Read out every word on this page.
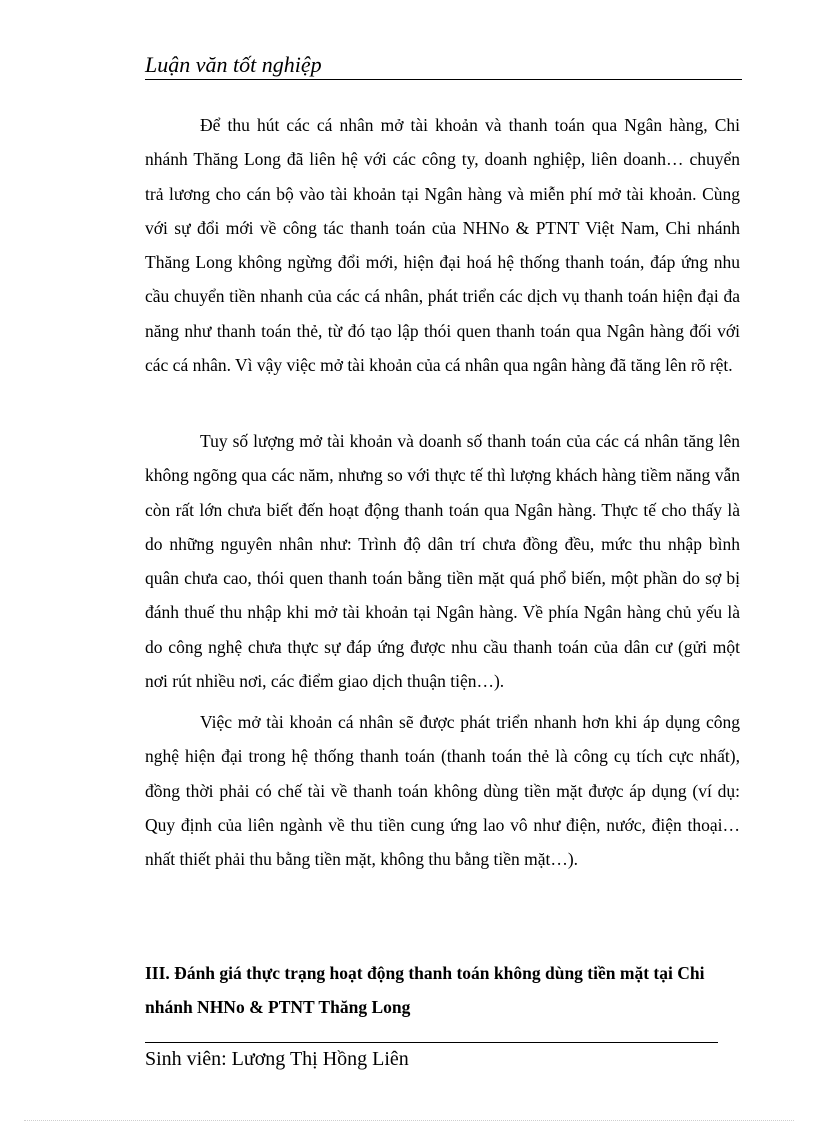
Luận văn tốt nghiệp

Để thu hút các cá nhân mở tài khoản và thanh toán qua Ngân hàng, Chi nhánh Thăng Long đã liên hệ với các công ty, doanh nghiệp, liên doanh… chuyển trả lương cho cán bộ vào tài khoản tại Ngân hàng và miễn phí mở tài khoản. Cùng với sự đổi mới về công tác thanh toán của NHNo & PTNT Việt Nam, Chi nhánh Thăng Long không ngừng đổi mới, hiện đại hoá hệ thống thanh toán, đáp ứng nhu cầu chuyển tiền nhanh của các cá nhân, phát triển các dịch vụ thanh toán hiện đại đa năng như thanh toán thẻ, từ đó tạo lập thói quen thanh toán qua Ngân hàng đối với các cá nhân. Vì vậy việc mở tài khoản của cá nhân qua ngân hàng đã tăng lên rõ rệt.

Tuy số lượng mở tài khoản và doanh số thanh toán của các cá nhân tăng lên không ngõng qua các năm, nhưng so với thực tế thì lượng khách hàng tiềm năng vẫn còn rất lớn chưa biết đến hoạt động thanh toán qua Ngân hàng. Thực tế cho thấy là do những nguyên nhân như: Trình độ dân trí chưa đồng đều, mức thu nhập bình quân chưa cao, thói quen thanh toán bằng tiền mặt quá phổ biến, một phần do sợ bị đánh thuế thu nhập khi mở tài khoản tại Ngân hàng. Về phía Ngân hàng chủ yếu là do công nghệ chưa thực sự đáp ứng được nhu cầu thanh toán của dân cư (gửi một nơi rút nhiều nơi, các điểm giao dịch thuận tiện…).

Việc mở tài khoản cá nhân sẽ được phát triển nhanh hơn khi áp dụng công nghệ hiện đại trong hệ thống thanh toán (thanh toán thẻ là công cụ tích cực nhất), đồng thời phải có chế tài về thanh toán không dùng tiền mặt được áp dụng (ví dụ: Quy định của liên ngành về thu tiền cung ứng lao vô như điện, nước, điện thoại…nhất thiết phải thu bằng tiền mặt, không thu bằng tiền mặt…).

III. Đánh giá thực trạng hoạt động thanh toán không dùng tiền mặt tại Chi nhánh NHNo & PTNT Thăng Long
Sinh viên: Lương Thị Hồng Liên
